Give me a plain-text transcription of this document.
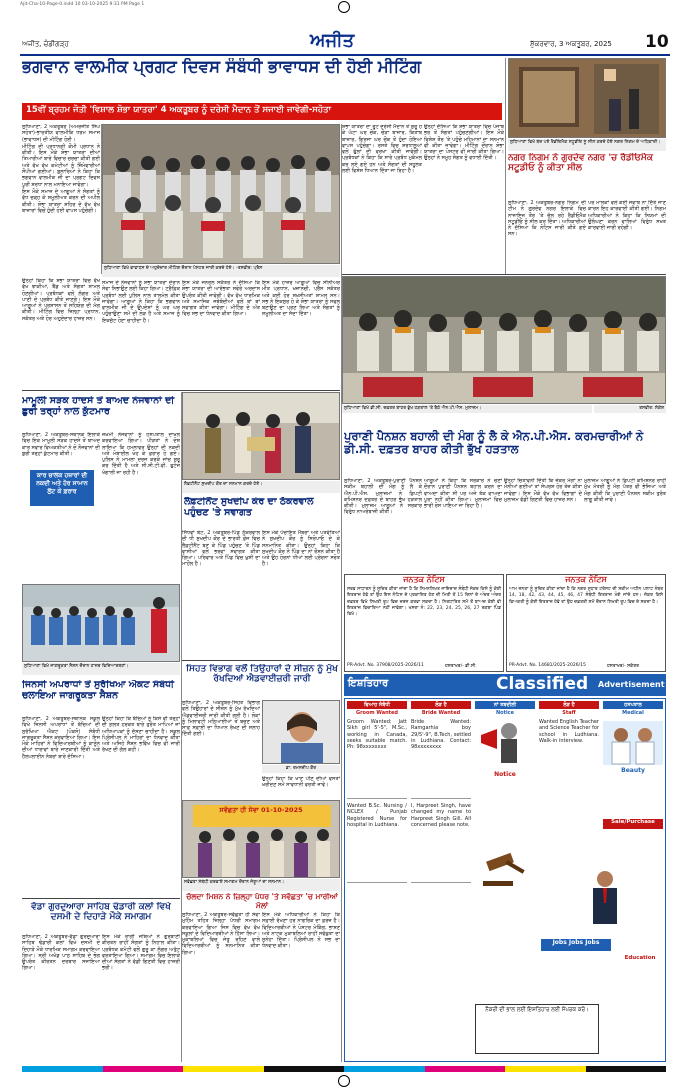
Ajit-Cha-10-Page-0.indd 10 03-10-2025 9:31 PM Page 1
ਅਜੀਤ, ਚੰਡੀਗੜ੍ਹ	ਅਜੀਤ	ਸ਼ੁੱਕਰਵਾਰ, 3 ਅਕਤੂਬਰ, 2025 10
ਭਗਵਾਨ ਵਾਲਮੀਕ ਪ੍ਰਗਟ ਦਿਵਸ ਸੰਬੰਧੀ ਭਾਵਾਧਸ ਦੀ ਹੋਈ ਮੀਟਿੰਗ
15ਵੀਂ ਬ੍ਰਹਮ ਜੋਤੀ 'ਵਿਸ਼ਾਲ ਸ਼ੋਭਾ ਯਾਤਰਾ' 4 ਅਕਤੂਬਰ ਨੂੰ ਦਰੇਸੀ ਮੈਦਾਨ ਤੋਂ ਸਜਾਈ ਜਾਵੇਗੀ-ਸਹੋਤਾ

ਲੁਧਿਆਣਾ, 2 ਅਕਤੂਬਰ (ਅਮਰਜੀਤ ਸਿੰਘ ਸਹੋਤਾ)-ਭਾਰਤੀਯ ਵਾਲਮੀਕਿ ਧਰਮ ਸਮਾਜ (ਭਾਵਾਧਸ) ਦੀ ਮੀਟਿੰਗ ਹੋਈ।

ਮੀਟਿੰਗ ਦੀ ਪ੍ਰਧਾਨਗੀ ਕੌਮੀ ਪ੍ਰਧਾਨ ਨੇ ਕੀਤੀ। ਇਸ ਮੌਕੇ ਸ਼ੋਭਾ ਯਾਤਰਾ ਦੀਆਂ ਤਿਆਰੀਆਂ ਬਾਰੇ ਵਿਚਾਰ ਚਰਚਾ ਕੀਤੀ ਗਈ ਅਤੇ ਵੱਖ ਵੱਖ ਕਮੇਟੀਆਂ ਨੂੰ ਜ਼ਿੰਮੇਵਾਰੀਆਂ ਸੌਂਪੀਆਂ ਗਈਆਂ। ਬੁਲਾਰਿਆਂ ਨੇ ਕਿਹਾ ਕਿ ਭਗਵਾਨ ਵਾਲਮੀਕ ਜੀ ਦਾ ਪ੍ਰਗਟ ਦਿਵਸ ਪੂਰੀ ਸ਼ਰਧਾ ਨਾਲ ਮਨਾਇਆ ਜਾਵੇਗਾ।

ਇਸ ਮੌਕੇ ਸਮਾਜ ਦੇ ਆਗੂਆਂ ਨੇ ਸੰਗਤਾਂ ਨੂੰ ਵੱਧ ਚੜ੍ਹ ਕੇ ਸ਼ਮੂਲੀਅਤ ਕਰਨ ਦੀ ਅਪੀਲ ਕੀਤੀ। ਸ਼ੋਭਾ ਯਾਤਰਾ ਸ਼ਹਿਰ ਦੇ ਵੱਖ ਵੱਖ ਬਾਜ਼ਾਰਾਂ ਵਿਚੋਂ ਹੁੰਦੀ ਹੋਈ ਵਾਪਸ ਪਹੁੰਚੇਗੀ।

ਲੁਧਿਆਣਾ ਵਿਖੇ ਭਾਵਾਧਸ ਦੇ ਅਹੁਦੇਦਾਰ ਮੀਟਿੰਗ ਦੌਰਾਨ ਪੋਸਟਰ ਜਾਰੀ ਕਰਦੇ ਹੋਏ। -ਤਸਵੀਰ: ਪ੍ਰੈਸ

ਉਨ੍ਹਾਂ ਕਿਹਾ ਕਿ ਸ਼ੋਭਾ ਯਾਤਰਾ ਵਿਚ ਵੱਖ ਵੱਖ ਝਾਕੀਆਂ, ਬੈਂਡ ਅਤੇ ਸੰਗਤਾਂ ਸ਼ਾਮਲ ਹੋਣਗੀਆਂ। ਪ੍ਰਬੰਧਕਾਂ ਵਲੋਂ ਲੰਗਰ ਅਤੇ ਪਾਣੀ ਦੇ ਪ੍ਰਬੰਧ ਕੀਤੇ ਜਾਣਗੇ। ਇਸ ਮੌਕੇ ਆਗੂਆਂ ਨੇ ਪ੍ਰਸ਼ਾਸਨ ਤੋਂ ਸਹਿਯੋਗ ਦੀ ਮੰਗ ਕੀਤੀ। ਮੀਟਿੰਗ ਵਿਚ ਜ਼ਿਲ੍ਹਾ ਪ੍ਰਧਾਨ, ਸਕੱਤਰ ਅਤੇ ਹੋਰ ਅਹੁਦੇਦਾਰ ਹਾਜ਼ਰ ਸਨ।

ਸਮਾਜ ਦੇ ਨੌਜਵਾਨਾਂ ਨੂੰ ਸ਼ੋਭਾ ਯਾਤਰਾ ਦੌਰਾਨ ਸੇਵਾ ਨਿਭਾਉਣ ਲਈ ਕਿਹਾ ਗਿਆ। ਟ੍ਰੈਫ਼ਿਕ ਪ੍ਰਬੰਧਾਂ ਲਈ ਪੁਲਿਸ ਨਾਲ ਤਾਲਮੇਲ ਕੀਤਾ ਜਾਵੇਗਾ। ਆਗੂਆਂ ਨੇ ਕਿਹਾ ਕਿ ਭਗਵਾਨ ਵਾਲਮੀਕ ਜੀ ਦੇ ਉਪਦੇਸ਼ਾਂ ਨੂੰ ਘਰ ਘਰ ਪਹੁੰਚਾਉਣਾ ਸਮੇਂ ਦੀ ਲੋੜ ਹੈ ਅਤੇ ਸਮਾਜ ਨੂੰ ਇਕਜੁੱਟ ਹੋਣਾ ਚਾਹੀਦਾ ਹੈ।

ਇਸ ਮੌਕੇ ਜਨਰਲ ਸਕੱਤਰ ਨੇ ਦੱਸਿਆ ਕਿ ਸ਼ੋਭਾ ਯਾਤਰਾ ਦੀ ਆਰੰਭਤਾ ਸਵੇਰੇ ਅਰਦਾਸ ਉਪਰੰਤ ਕੀਤੀ ਜਾਵੇਗੀ। ਵੱਖ ਵੱਖ ਧਾਰਮਿਕ ਅਤੇ ਸਮਾਜਿਕ ਜਥੇਬੰਦੀਆਂ ਵਲੋਂ ਥਾਂ ਥਾਂ ਸਵਾਗਤ ਕੀਤਾ ਜਾਵੇਗਾ। ਮੀਟਿੰਗ ਦੇ ਅੰਤ ਵਿਚ ਸਭ ਦਾ ਧੰਨਵਾਦ ਕੀਤਾ ਗਿਆ।

ਇਸ ਮੌਕੇ ਹਾਜ਼ਰ ਆਗੂਆਂ ਵਿਚ ਸੀਨੀਅਰ ਮੀਤ ਪ੍ਰਧਾਨ, ਖ਼ਜ਼ਾਨਚੀ, ਪ੍ਰੈੱਸ ਸਕੱਤਰ ਅਤੇ ਕਈ ਹੋਰ ਸ਼ਖ਼ਸੀਅਤਾਂ ਸ਼ਾਮਲ ਸਨ। ਸਭ ਨੇ ਇਕਸੁਰ ਹੋ ਕੇ ਸ਼ੋਭਾ ਯਾਤਰਾ ਨੂੰ ਸਫਲ ਬਣਾਉਣ ਦਾ ਪ੍ਰਣ ਲਿਆ ਅਤੇ ਸੰਗਤਾਂ ਨੂੰ ਸ਼ਮੂਲੀਅਤ ਦਾ ਸੱਦਾ ਦਿੱਤਾ।

ਸ਼ੋਭਾ ਯਾਤਰਾ ਦਾ ਰੂਟ ਦਰੇਸੀ ਮੈਦਾਨ ਤੋਂ ਸ਼ੁਰੂ ਹੋ ਕੇ ਘੰਟਾ ਘਰ ਚੌਕ, ਚੌੜਾ ਬਾਜ਼ਾਰ, ਕਿਤਾਬ ਬਾਜ਼ਾਰ, ਗਿਰਜਾ ਘਰ ਚੌਕ ਤੋਂ ਹੁੰਦਾ ਹੋਇਆ ਵਾਪਸ ਪਹੁੰਚੇਗਾ। ਰਸਤੇ ਵਿਚ ਸ਼ਰਧਾਲੂਆਂ ਵਲੋਂ ਫੁੱਲਾਂ ਦੀ ਵਰਖਾ ਕੀਤੀ ਜਾਵੇਗੀ। ਪ੍ਰਬੰਧਕਾਂ ਨੇ ਕਿਹਾ ਕਿ ਸਾਰੇ ਪ੍ਰਬੰਧ ਮੁਕੰਮਲ ਕਰ ਲਏ ਗਏ ਹਨ ਅਤੇ ਸੰਗਤਾਂ ਦੀ ਸਹੂਲਤ ਲਈ ਵਿਸ਼ੇਸ਼ ਧਿਆਨ ਦਿੱਤਾ ਜਾ ਰਿਹਾ ਹੈ।

ਉਨ੍ਹਾਂ ਦੱਸਿਆ ਕਿ ਸ਼ੋਭਾ ਯਾਤਰਾ ਵਿਚ ਪੰਜਾਬ ਭਰ ਤੋਂ ਸੰਗਤਾਂ ਪਹੁੰਚਣਗੀਆਂ। ਇਸ ਮੌਕੇ ਵਿਸ਼ੇਸ਼ ਤੌਰ 'ਤੇ ਪਹੁੰਚੇ ਮਹਿਮਾਨਾਂ ਦਾ ਸਨਮਾਨ ਵੀ ਕੀਤਾ ਜਾਵੇਗਾ। ਮੀਟਿੰਗ ਦੌਰਾਨ ਸ਼ੋਭਾ ਯਾਤਰਾ ਦਾ ਪੋਸਟਰ ਵੀ ਜਾਰੀ ਕੀਤਾ ਗਿਆ। ਉਨ੍ਹਾਂ ਨੇ ਸਮੂਹ ਸੰਗਤ ਨੂੰ ਵਧਾਈ ਦਿੱਤੀ।

ਲੁਧਿਆਣਾ ਵਿਖੇ ਬੰਦ ਪਏ ਰੈਡੀਓਮੈਕ ਸਟੂਡੀਓ ਨੂੰ ਸੀਲ ਕਰਦੇ ਹੋਏ ਨਗਰ ਨਿਗਮ ਦੇ ਅਧਿਕਾਰੀ।
ਨਗਰ ਨਿਗਮ ਨੇ ਗੁਰਦੇਵ ਨਗਰ 'ਚ ਰੈਡੀਓਮੈਕ ਸਟੂਡੀਓ ਨੂੰ ਕੀਤਾ ਸੀਲ

ਲੁਧਿਆਣਾ, 2 ਅਕਤੂਬਰ-ਨਗਰ ਨਿਗਮ ਦੀ ਟੀਮ ਨੇ ਗੁਰਦੇਵ ਨਗਰ ਇਲਾਕੇ ਵਿਚ ਨਾਜਾਇਜ਼ ਤੌਰ 'ਤੇ ਚੱਲ ਰਹੇ ਰੈਡੀਓਮੈਕ ਸਟੂਡੀਓ ਨੂੰ ਸੀਲ ਕਰ ਦਿੱਤਾ। ਅਧਿਕਾਰੀਆਂ ਨੇ ਦੱਸਿਆ ਕਿ ਨੋਟਿਸ ਜਾਰੀ ਕੀਤੇ ਗਏ ਸਨ।

ਪਰ ਮਾਲਕਾਂ ਵਲੋਂ ਕੋਈ ਜਵਾਬ ਨਾ ਦਿੱਤੇ ਜਾਣ ਕਾਰਨ ਇਹ ਕਾਰਵਾਈ ਕੀਤੀ ਗਈ। ਨਿਗਮ ਅਧਿਕਾਰੀਆਂ ਨੇ ਕਿਹਾ ਕਿ ਨਿਯਮਾਂ ਦੀ ਉਲੰਘਣਾ ਕਰਨ ਵਾਲਿਆਂ ਵਿਰੁੱਧ ਸਖ਼ਤ ਕਾਰਵਾਈ ਜਾਰੀ ਰਹੇਗੀ।

ਲੁਧਿਆਣਾ ਵਿਖੇ ਡੀ.ਸੀ. ਦਫ਼ਤਰ ਬਾਹਰ ਭੁੱਖ ਹੜਤਾਲ 'ਤੇ ਬੈਠੇ ਐਨ.ਪੀ.ਐਸ. ਮੁਲਾਜ਼ਮ।	ਤਸਵੀਰ: ਲੋਕੇਸ਼
ਪੁਰਾਣੀ ਪੈਨਸ਼ਨ ਬਹਾਲੀ ਦੀ ਮੰਗ ਨੂੰ ਲੈ ਕੇ ਐਨ.ਪੀ.ਐਸ. ਕਰਮਚਾਰੀਆਂ ਨੇ ਡੀ.ਸੀ. ਦਫ਼ਤਰ ਬਾਹਰ ਕੀਤੀ ਭੁੱਖ ਹੜਤਾਲ

ਲੁਧਿਆਣਾ, 2 ਅਕਤੂਬਰ-ਪੁਰਾਣੀ ਪੈਨਸ਼ਨ ਸਕੀਮ ਬਹਾਲੀ ਦੀ ਮੰਗ ਨੂੰ ਲੈ ਕੇ ਐਨ.ਪੀ.ਐਸ. ਮੁਲਾਜ਼ਮਾਂ ਨੇ ਡਿਪਟੀ ਕਮਿਸ਼ਨਰ ਦਫ਼ਤਰ ਦੇ ਬਾਹਰ ਭੁੱਖ ਹੜਤਾਲ ਕੀਤੀ। ਮੁਲਾਜ਼ਮ ਆਗੂਆਂ ਨੇ ਸਰਕਾਰ ਵਿਰੁੱਧ ਨਾਅਰੇਬਾਜ਼ੀ ਕੀਤੀ।

ਆਗੂਆਂ ਨੇ ਕਿਹਾ ਕਿ ਸਰਕਾਰ ਨੇ ਚੋਣਾਂ ਦੌਰਾਨ ਪੁਰਾਣੀ ਪੈਨਸ਼ਨ ਬਹਾਲ ਕਰਨ ਦਾ ਵਾਅਦਾ ਕੀਤਾ ਸੀ ਪਰ ਅਜੇ ਤੱਕ ਵਾਅਦਾ ਪੂਰਾ ਨਹੀਂ ਕੀਤਾ ਗਿਆ। ਮੁਲਾਜ਼ਮਾਂ ਵਿਚ ਭਾਰੀ ਰੋਸ ਪਾਇਆ ਜਾ ਰਿਹਾ ਹੈ।

ਉਨ੍ਹਾਂ ਚਿਤਾਵਨੀ ਦਿੱਤੀ ਕਿ ਜੇਕਰ ਮੰਗਾਂ ਨਾ ਮੰਨੀਆਂ ਗਈਆਂ ਤਾਂ ਸੰਘਰਸ਼ ਹੋਰ ਤੇਜ਼ ਕੀਤਾ ਜਾਵੇਗਾ। ਇਸ ਮੌਕੇ ਵੱਖ ਵੱਖ ਵਿਭਾਗਾਂ ਦੇ ਮੁਲਾਜ਼ਮ ਵੱਡੀ ਗਿਣਤੀ ਵਿਚ ਹਾਜ਼ਰ ਸਨ।

ਮੁਲਾਜ਼ਮ ਆਗੂਆਂ ਨੇ ਡਿਪਟੀ ਕਮਿਸ਼ਨਰ ਰਾਹੀਂ ਮੁੱਖ ਮੰਤਰੀ ਨੂੰ ਮੰਗ ਪੱਤਰ ਵੀ ਭੇਜਿਆ ਅਤੇ ਮੰਗ ਕੀਤੀ ਕਿ ਪੁਰਾਣੀ ਪੈਨਸ਼ਨ ਸਕੀਮ ਤੁਰੰਤ ਲਾਗੂ ਕੀਤੀ ਜਾਵੇ।

ਜਨਤਕ ਨੋਟਿਸ
ਸਰਵ ਸਾਧਾਰਨ ਨੂੰ ਸੂਚਿਤ ਕੀਤਾ ਜਾਂਦਾ ਹੈ ਕਿ ਨਿਮਨਲਿਖਤ ਜਾਇਦਾਦ ਸੰਬੰਧੀ ਜੇਕਰ ਕਿਸੇ ਨੂੰ ਕੋਈ ਇਤਰਾਜ਼ ਹੋਵੇ ਤਾਂ ਉਹ ਇਸ ਨੋਟਿਸ ਦੇ ਪ੍ਰਕਾਸ਼ਿਤ ਹੋਣ ਦੀ ਮਿਤੀ ਤੋਂ 15 ਦਿਨਾਂ ਦੇ ਅੰਦਰ ਅੰਦਰ ਦਫ਼ਤਰ ਵਿਖੇ ਲਿਖਤੀ ਰੂਪ ਵਿਚ ਦਰਜ ਕਰਵਾ ਸਕਦਾ ਹੈ। ਨਿਰਧਾਰਿਤ ਸਮੇਂ ਤੋਂ ਬਾਅਦ ਕੋਈ ਵੀ ਇਤਰਾਜ਼ ਵਿਚਾਰਿਆ ਨਹੀਂ ਜਾਵੇਗਾ। ਖਸਰਾ ਨੰ: 22, 23, 24, 25, 26, 27 ਰਕਬਾ ਪਿੰਡ ਵਿਖੇ।
PR-Advt. No. 37908/2025-2026/11	ਹਸਤਾਖਰ/- ਡੀ.ਸੀ.
ਜਨਤਕ ਨੋਟਿਸ
ਆਮ ਜਨਤਾ ਨੂੰ ਸੂਚਿਤ ਕੀਤਾ ਜਾਂਦਾ ਹੈ ਕਿ ਨਗਰ ਸੁਧਾਰ ਟਰੱਸਟ ਦੀ ਸਕੀਮ ਅਧੀਨ ਪਲਾਟ ਨੰਬਰ 14, 18, 42, 43, 44, 45, 46, 47 ਸੰਬੰਧੀ ਇਤਰਾਜ਼ ਮੰਗੇ ਜਾਂਦੇ ਹਨ। ਜੇਕਰ ਕਿਸੇ ਵਿਅਕਤੀ ਨੂੰ ਕੋਈ ਇਤਰਾਜ਼ ਹੋਵੇ ਤਾਂ ਉਹ ਦਫ਼ਤਰੀ ਸਮੇਂ ਦੌਰਾਨ ਲਿਖਤੀ ਰੂਪ ਵਿਚ ਦੇ ਸਕਦਾ ਹੈ।
PR-Advt. No. 14681/2025-2026/15	ਹਸਤਾਖਰ/- ਸਕੱਤਰ
ਇਸ਼ਤਿਹਾਰ	Classified Advertisement
ਵਿਆਹ ਸੰਬੰਧੀ	ਲੋੜ ਹੈ	ਨਾਂ ਤਬਦੀਲੀ	ਲੋੜ ਹੈ	ਹਸਪਤਾਲ
Groom Wanted	Bride Wanted	Notice	Staff	Medical
Groom Wanted: Jatt Sikh girl 5'-5", M.Sc., working in Canada, seeks suitable match. Ph: 98xxxxxxxx
Bride Wanted: Ramgarhia boy 29/5'-9", B.Tech, settled in Ludhiana. Contact: 98xxxxxxxx
Wanted B.Sc. Nursing / NCLEX / Punjab Registered Nurse for hospital in Ludhiana.
I, Harpreet Singh, have changed my name to Harpreet Singh Gill. All concerned please note.
Wanted English Teacher and Science Teacher for school in Ludhiana. Walk-in interview.
Notice
Beauty
Sale/Purchase
Jobs Jobs Jobs
Education
ਨੌਕਰੀ ਦੀ ਭਾਲ ਲਈ ਇਸ਼ਤਿਹਾਰ ਲਈ ਸੰਪਰਕ ਕਰੋ।
ਮਾਮੂਲੀ ਸੜਕ ਹਾਦਸੇ ਤੋਂ ਬਾਅਦ ਨੌਜਵਾਨਾਂ ਦੀ ਛੁਰੀ ਤਰ੍ਹਾਂ ਨਾਲ ਕੁੱਟਮਾਰ

ਲੁਧਿਆਣਾ, 2 ਅਕਤੂਬਰ-ਸਥਾਨਕ ਇਲਾਕੇ ਵਿਚ ਇਕ ਮਾਮੂਲੀ ਸੜਕ ਹਾਦਸੇ ਤੋਂ ਬਾਅਦ ਕਾਰ ਸਵਾਰ ਵਿਅਕਤੀਆਂ ਨੇ ਦੋ ਨੌਜਵਾਨਾਂ ਦੀ ਬੁਰੀ ਤਰ੍ਹਾਂ ਕੁੱਟਮਾਰ ਕੀਤੀ।

ਕਾਰ ਚਾਲਕ ਹਜ਼ਾਰਾਂ ਦੀ ਨਕਦੀ ਅਤੇ ਹੋਰ ਸਾਮਾਨ ਲੁੱਟ ਕੇ ਫ਼ਰਾਰ

ਜ਼ਖ਼ਮੀ ਨੌਜਵਾਨਾਂ ਨੂੰ ਹਸਪਤਾਲ ਦਾਖ਼ਲ ਕਰਵਾਇਆ ਗਿਆ। ਪੀੜਤਾਂ ਨੇ ਦੋਸ਼ ਲਾਇਆ ਕਿ ਹਮਲਾਵਰ ਉਨ੍ਹਾਂ ਦੀ ਨਕਦੀ ਅਤੇ ਮੋਬਾਈਲ ਖੋਹ ਕੇ ਫ਼ਰਾਰ ਹੋ ਗਏ। ਪੁਲਿਸ ਨੇ ਮਾਮਲਾ ਦਰਜ ਕਰਕੇ ਜਾਂਚ ਸ਼ੁਰੂ ਕਰ ਦਿੱਤੀ ਹੈ ਅਤੇ ਸੀ.ਸੀ.ਟੀ.ਵੀ. ਫੁਟੇਜ ਖੰਗਾਲੀ ਜਾ ਰਹੀ ਹੈ।

ਲੁਧਿਆਣਾ ਵਿਖੇ ਜਾਗਰੂਕਤਾ ਸੈਸ਼ਨ ਦੌਰਾਨ ਹਾਜ਼ਰ ਵਿਦਿਆਰਥਣਾਂ।
ਜਿਨਸੀ ਅਪਰਾਧਾਂ ਤੋਂ ਸੁਰੱਖਿਆ ਐਕਟ ਸੰਬੰਧੀ ਚਲਾਇਆ ਜਾਗਰੂਕਤਾ ਸੈਸ਼ਨ

ਲੁਧਿਆਣਾ, 2 ਅਕਤੂਬਰ-ਸਥਾਨਕ ਸਕੂਲ ਵਿਖੇ ਜਿਨਸੀ ਅਪਰਾਧਾਂ ਤੋਂ ਬੱਚਿਆਂ ਦੀ ਸੁਰੱਖਿਆ ਐਕਟ (ਪੋਕਸੋ) ਸੰਬੰਧੀ ਜਾਗਰੂਕਤਾ ਸੈਸ਼ਨ ਕਰਵਾਇਆ ਗਿਆ। ਇਸ ਮੌਕੇ ਮਾਹਿਰਾਂ ਨੇ ਵਿਦਿਆਰਥੀਆਂ ਨੂੰ ਕਾਨੂੰਨ ਦੀਆਂ ਧਾਰਾਵਾਂ ਬਾਰੇ ਜਾਣਕਾਰੀ ਦਿੱਤੀ ਅਤੇ ਹੈਲਪਲਾਈਨ ਨੰਬਰਾਂ ਬਾਰੇ ਦੱਸਿਆ।

ਉਨ੍ਹਾਂ ਕਿਹਾ ਕਿ ਬੱਚਿਆਂ ਨੂੰ ਕਿਸੇ ਵੀ ਤਰ੍ਹਾਂ ਦੀ ਗ਼ਲਤ ਹਰਕਤ ਬਾਰੇ ਤੁਰੰਤ ਮਾਪਿਆਂ ਜਾਂ ਅਧਿਆਪਕਾਂ ਨੂੰ ਦੱਸਣਾ ਚਾਹੀਦਾ ਹੈ। ਸਕੂਲ ਪ੍ਰਿੰਸੀਪਲ ਨੇ ਮਾਹਿਰਾਂ ਦਾ ਧੰਨਵਾਦ ਕੀਤਾ ਅਤੇ ਅਜਿਹੇ ਸੈਸ਼ਨ ਭਵਿੱਖ ਵਿਚ ਵੀ ਜਾਰੀ ਰੱਖਣ ਦੀ ਗੱਲ ਕਹੀ।

ਵੱਡਾ ਗੁਰਦੁਆਰਾ ਸਾਹਿਬ ਢੰਡਾਰੀ ਕਲਾਂ ਵਿਖੇ ਦਸਮੀ ਦੇ ਦਿਹਾੜੇ ਮੌਕੇ ਸਮਾਗਮ

ਲੁਧਿਆਣਾ, 2 ਅਕਤੂਬਰ-ਵੱਡਾ ਗੁਰਦੁਆਰਾ ਸਾਹਿਬ ਢੰਡਾਰੀ ਕਲਾਂ ਵਿਖੇ ਦਸਮੀ ਦੇ ਦਿਹਾੜੇ ਮੌਕੇ ਧਾਰਮਿਕ ਸਮਾਗਮ ਕਰਵਾਇਆ ਗਿਆ। ਸ੍ਰੀ ਅਖੰਡ ਪਾਠ ਸਾਹਿਬ ਦੇ ਭੋਗ ਉਪਰੰਤ ਕੀਰਤਨ ਦਰਬਾਰ ਸਜਾਇਆ ਗਿਆ।

ਇਸ ਮੌਕੇ ਰਾਗੀ ਜਥਿਆਂ ਨੇ ਗੁਰਬਾਣੀ ਕੀਰਤਨ ਰਾਹੀਂ ਸੰਗਤਾਂ ਨੂੰ ਨਿਹਾਲ ਕੀਤਾ। ਪ੍ਰਬੰਧਕ ਕਮੇਟੀ ਵਲੋਂ ਗੁਰੂ ਕਾ ਲੰਗਰ ਅਤੁੱਟ ਵਰਤਾਇਆ ਗਿਆ। ਸਮਾਗਮ ਵਿਚ ਇਲਾਕੇ ਦੀਆਂ ਸੰਗਤਾਂ ਨੇ ਵੱਡੀ ਗਿਣਤੀ ਵਿਚ ਹਾਜ਼ਰੀ ਭਰੀ।

ਲੈਫ਼ਟੀਨੈਂਟ ਸੁਖਦੀਪ ਕੌਰ ਦਾ ਸਨਮਾਨ ਕਰਦੇ ਹੋਏ।
ਲੈਫ਼ਟੀਨੈਂਟ ਸੁਖਦੀਪ ਕੌਰ ਦਾ ਠੱਕਰਵਾਲ ਪਹੁੰਚਣ 'ਤੇ ਸਵਾਗਤ

ਸਿੱਧਵਾਂ ਬੇਟ, 2 ਅਕਤੂਬਰ-ਪਿੰਡ ਠੱਕਰਵਾਲ ਦੀ ਧੀ ਸੁਖਦੀਪ ਕੌਰ ਦੇ ਭਾਰਤੀ ਫ਼ੌਜ ਵਿਚ ਲੈਫ਼ਟੀਨੈਂਟ ਬਣ ਕੇ ਪਿੰਡ ਪਹੁੰਚਣ 'ਤੇ ਪਿੰਡ ਵਾਸੀਆਂ ਵਲੋਂ ਭਰਵਾਂ ਸਵਾਗਤ ਕੀਤਾ ਗਿਆ। ਪਰਿਵਾਰ ਅਤੇ ਪਿੰਡ ਵਿਚ ਖ਼ੁਸ਼ੀ ਦਾ ਮਾਹੌਲ ਹੈ।

ਇਸ ਮੌਕੇ ਪੰਚਾਇਤ ਮੈਂਬਰਾਂ ਅਤੇ ਪਤਵੰਤਿਆਂ ਨੇ ਸੁਖਦੀਪ ਕੌਰ ਨੂੰ ਸਿਰੋਪਾਓ ਦੇ ਕੇ ਸਨਮਾਨਿਤ ਕੀਤਾ। ਉਨ੍ਹਾਂ ਕਿਹਾ ਕਿ ਸੁਖਦੀਪ ਕੌਰ ਨੇ ਪਿੰਡ ਦਾ ਨਾਂ ਰੌਸ਼ਨ ਕੀਤਾ ਹੈ ਅਤੇ ਉਹ ਹੋਰਨਾਂ ਧੀਆਂ ਲਈ ਪ੍ਰੇਰਨਾ ਸਰੋਤ ਹੈ।

ਸਿਹਤ ਵਿਭਾਗ ਵਲੋਂ ਤਿਉਹਾਰਾਂ ਦੇ ਸੀਜ਼ਨ ਨੂੰ ਮੁੱਖ ਰੱਖਦਿਆਂ ਐਡਵਾਈਜ਼ਰੀ ਜਾਰੀ

ਲੁਧਿਆਣਾ, 2 ਅਕਤੂਬਰ-ਸਿਹਤ ਵਿਭਾਗ ਵਲੋਂ ਤਿਉਹਾਰਾਂ ਦੇ ਸੀਜ਼ਨ ਨੂੰ ਮੁੱਖ ਰੱਖਦਿਆਂ ਐਡਵਾਈਜ਼ਰੀ ਜਾਰੀ ਕੀਤੀ ਗਈ ਹੈ। ਲੋਕਾਂ ਨੂੰ ਮਿਲਾਵਟੀ ਮਠਿਆਈਆਂ ਤੋਂ ਬਚਣ ਅਤੇ ਸਾਫ਼ ਸਫ਼ਾਈ ਦਾ ਧਿਆਨ ਰੱਖਣ ਦੀ ਸਲਾਹ ਦਿੱਤੀ ਗਈ।

ਡਾ. ਰਮਨਦੀਪ ਕੌਰ

ਉਨ੍ਹਾਂ ਕਿਹਾ ਕਿ ਖਾਣ ਪੀਣ ਦੀਆਂ ਵਸਤਾਂ ਖ਼ਰੀਦਣ ਸਮੇਂ ਸਾਵਧਾਨੀ ਵਰਤੀ ਜਾਵੇ।

ਸਵੱਛਤਾ ਹੀ ਸੇਵਾ 01-10-2025
ਸਵੱਛਤਾ ਸੰਬੰਧੀ ਕਰਵਾਏ ਸਮਾਗਮ ਦੌਰਾਨ ਜੇਤੂਆਂ ਦਾ ਸਨਮਾਨ।
ਚੱਲਦਾ ਮਿਸ਼ਨ ਨੇ ਜ਼ਿਲ੍ਹਾ ਪੱਧਰ 'ਤੇ ਸਵੱਛਤਾ 'ਚ ਮਾਰੀਆਂ ਮੱਲਾਂ

ਲੁਧਿਆਣਾ, 2 ਅਕਤੂਬਰ-ਸਵੱਛਤਾ ਹੀ ਸੇਵਾ ਮੁਹਿੰਮ ਤਹਿਤ ਜ਼ਿਲ੍ਹਾ ਪੱਧਰੀ ਸਮਾਗਮ ਕਰਵਾਇਆ ਗਿਆ ਜਿਸ ਵਿਚ ਵੱਖ ਵੱਖ ਸਕੂਲਾਂ ਦੇ ਵਿਦਿਆਰਥੀਆਂ ਨੇ ਹਿੱਸਾ ਲਿਆ। ਮੁਕਾਬਲਿਆਂ ਵਿਚ ਜੇਤੂ ਰਹਿਣ ਵਾਲੇ ਵਿਦਿਆਰਥੀਆਂ ਨੂੰ ਸਨਮਾਨਿਤ ਕੀਤਾ ਗਿਆ।

ਇਸ ਮੌਕੇ ਅਧਿਕਾਰੀਆਂ ਨੇ ਕਿਹਾ ਕਿ ਸਫ਼ਾਈ ਰੱਖਣਾ ਹਰ ਨਾਗਰਿਕ ਦਾ ਫ਼ਰਜ਼ ਹੈ। ਵਿਦਿਆਰਥੀਆਂ ਨੇ ਪੋਸਟਰ ਮੇਕਿੰਗ, ਭਾਸ਼ਣ ਅਤੇ ਨਾਟਕ ਮੁਕਾਬਲਿਆਂ ਰਾਹੀਂ ਸਵੱਛਤਾ ਦਾ ਸੁਨੇਹਾ ਦਿੱਤਾ। ਪ੍ਰਿੰਸੀਪਲ ਨੇ ਸਭ ਦਾ ਧੰਨਵਾਦ ਕੀਤਾ।
